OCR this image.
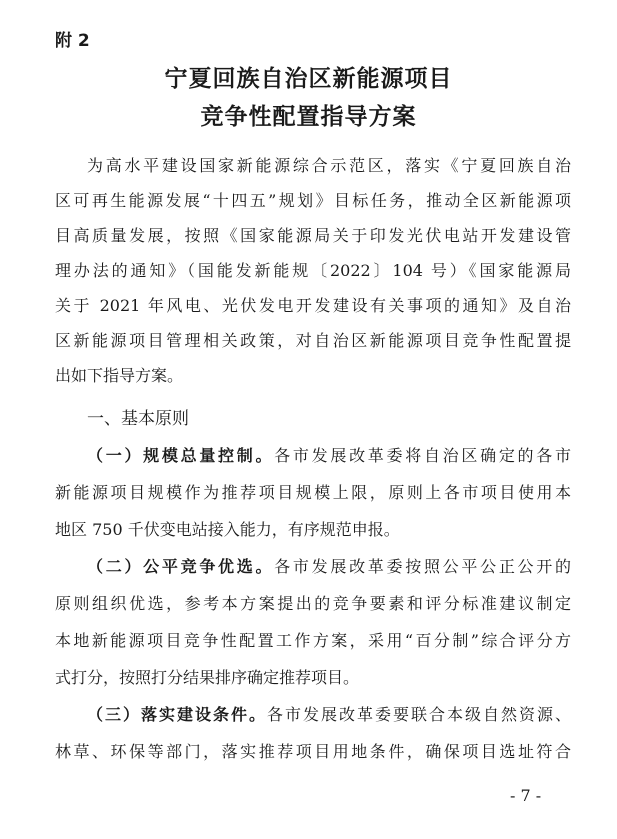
附 2
宁夏回族自治区新能源项目
竞争性配置指导方案
为高水平建设国家新能源综合示范区，落实《宁夏回族自治
区可再生能源发展“十四五”规划》目标任务，推动全区新能源项
目高质量发展，按照《国家能源局关于印发光伏电站开发建设管
理办法的通知》（国能发新能规〔2022〕104 号）《国家能源局
关于 2021 年风电、光伏发电开发建设有关事项的通知》及自治
区新能源项目管理相关政策，对自治区新能源项目竞争性配置提
出如下指导方案。
一、基本原则
（一）规模总量控制。各市发展改革委将自治区确定的各市
新能源项目规模作为推荐项目规模上限，原则上各市项目使用本
地区 750 千伏变电站接入能力，有序规范申报。
（二）公平竞争优选。各市发展改革委按照公平公正公开的
原则组织优选，参考本方案提出的竞争要素和评分标准建议制定
本地新能源项目竞争性配置工作方案，采用“百分制”综合评分方
式打分，按照打分结果排序确定推荐项目。
（三）落实建设条件。各市发展改革委要联合本级自然资源、
林草、环保等部门，落实推荐项目用地条件，确保项目选址符合
- 7 -
